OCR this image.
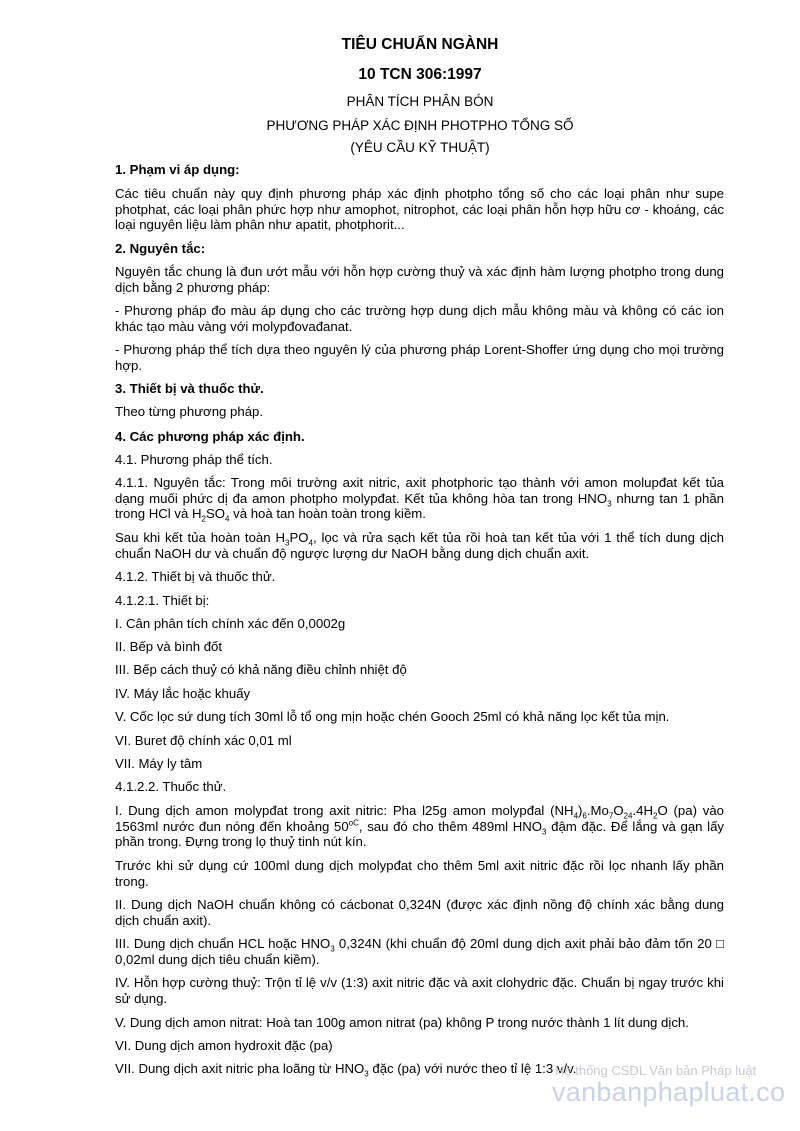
TIÊU CHUẨN NGÀNH
10 TCN 306:1997
PHÂN TÍCH PHÂN BÓN
PHƯƠNG PHÁP XÁC ĐỊNH PHOTPHO TỔNG SỐ
(YÊU CẦU KỸ THUẬT)
1. Phạm vi áp dụng:
Các tiêu chuẩn này quy định phương pháp xác định photpho tổng số cho các loại phân như supe photphat, các loại phân phức hợp như amophot, nitrophot, các loại phân hỗn hợp hữu cơ - khoáng, các loại nguyên liệu làm phân như apatit, photphorit...
2. Nguyên tắc:
Nguyên tắc chung là đun ướt mẫu với hỗn hợp cường thuỷ và xác định hàm lượng photpho trong dung dịch bằng 2 phương pháp:
- Phương pháp đo màu áp dụng cho các trường hợp dung dịch mẫu không màu và không có các ion khác tạo màu vàng với molypđovađanat.
- Phương pháp thể tích dựa theo nguyên lý của phương pháp Lorent-Shoffer ứng dụng cho mọi trường hợp.
3. Thiết bị và thuốc thử.
Theo từng phương pháp.
4. Các phương pháp xác định.
4.1. Phương pháp thể tích.
4.1.1. Nguyên tắc: Trong môi trường axit nitric, axit photphoric tạo thành với amon molupđat kết tủa dạng muối phức dị đa amon photpho molypđat. Kết tủa không hòa tan trong $HNO_3$ nhưng tan 1 phần trong HCl và $H_2SO_4$ và hoà tan hoàn toàn trong kiềm.
Sau khi kết tủa hoàn toàn $H_3PO_4$, lọc và rửa sạch kết tủa rồi hoà tan kết tủa với 1 thể tích dung dịch chuẩn NaOH dư và chuẩn độ ngược lượng dư NaOH bằng dung dịch chuẩn axit.
4.1.2. Thiết bị và thuốc thử.
4.1.2.1. Thiết bị:
I. Cân phân tích chính xác đến 0,0002g
II. Bếp và bình đốt
III. Bếp cách thuỷ có khả năng điều chỉnh nhiệt độ
IV. Máy lắc hoặc khuấy
V. Cốc lọc sứ dung tích 30ml lỗ tổ ong mịn hoặc chén Gooch 25ml có khả năng lọc kết tủa mịn.
VI. Buret độ chính xác 0,01 ml
VII. Máy ly tâm
4.1.2.2. Thuốc thử.
I. Dung dịch amon molypđat trong axit nitric: Pha l25g amon molypđal $(NH_4)_6.Mo_7O_{24}.4H_2O$ (pa) vào 1563ml nước đun nóng đến khoảng $50^{oC}$, sau đó cho thêm 489ml $HNO_3$ đậm đặc. Để lắng và gạn lấy phần trong. Đựng trong lọ thuỷ tinh nút kín.
Trước khi sử dụng cứ 100ml dung dịch molypđat cho thêm 5ml axit nitric đặc rồi lọc nhanh lấy phần trong.
II. Dung dịch NaOH chuẩn không có cácbonat 0,324N (được xác định nồng độ chính xác bằng dung dịch chuẩn axit).
III. Dung dịch chuẩn HCL hoặc $HNO_3$ 0,324N (khi chuẩn độ 20ml dung dịch axit phải bảo đảm tốn 20 □ 0,02ml dung dịch tiêu chuẩn kiềm).
IV. Hỗn hợp cường thuỷ: Trộn tỉ lệ v/v (1:3) axit nitric đặc và axit clohydric đặc. Chuẩn bị ngay trước khi sử dụng.
V. Dung dịch amon nitrat: Hoà tan 100g amon nitrat (pa) không P trong nước thành 1 lít dung dịch.
VI. Dung dịch amon hydroxit đặc (pa)
VII. Dung dịch axit nitric pha loãng từ $HNO_3$ đặc (pa) với nước theo tỉ lệ 1:3 v/v.
Hệ thống CSDL Văn bản Pháp luật
vanbanphapluat.co
